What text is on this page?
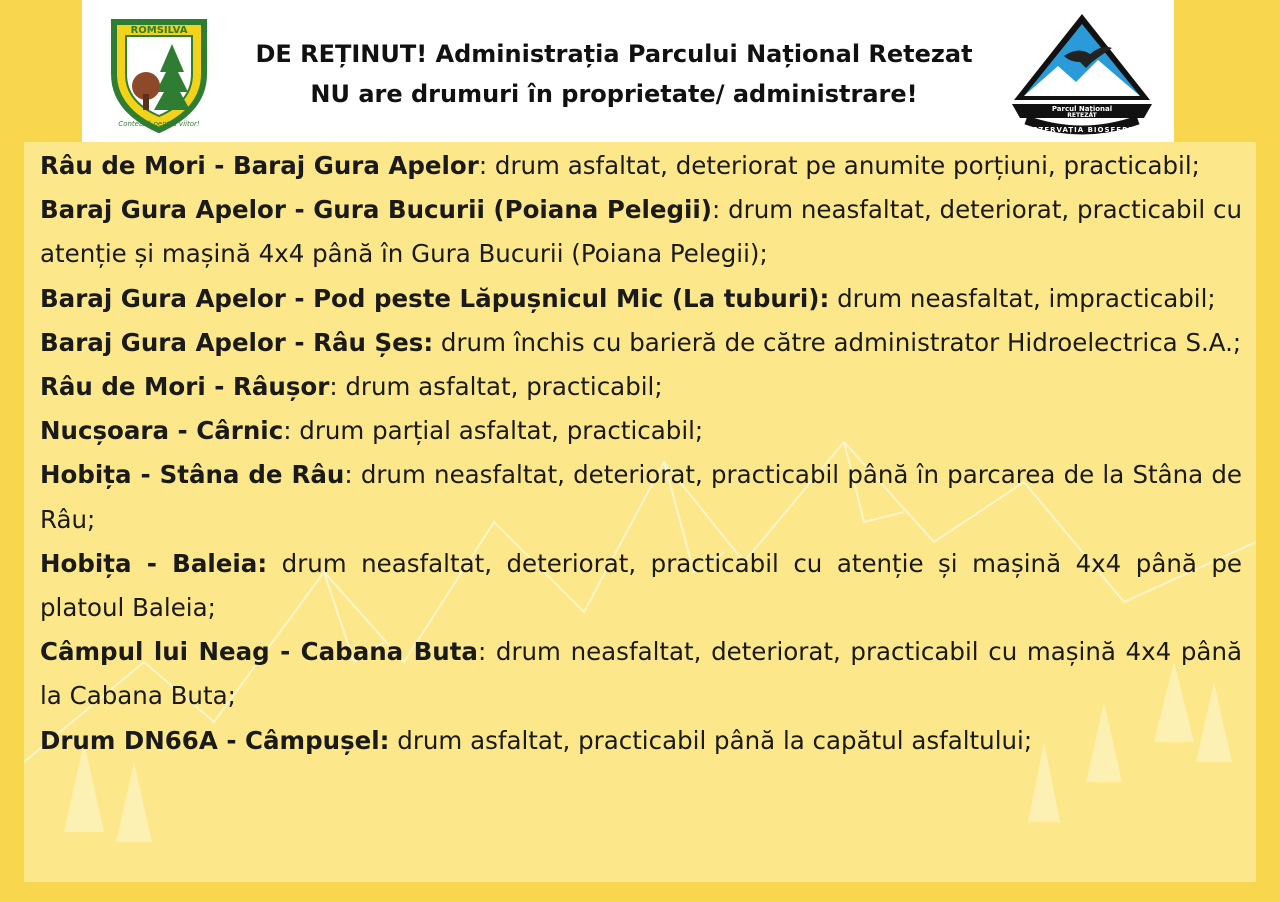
ROMSILVA
Contează pentru viitor!
DE REȚINUT! Administrația Parcului Național Retezat
NU are drumuri în proprietate/ administrare!
Parcul Național
RETEZAT
REZERVAȚIA BIOSFEREI

Râu de Mori - Baraj Gura Apelor: drum asfaltat, deteriorat pe anumite porțiuni, practicabil;

Baraj Gura Apelor - Gura Bucurii (Poiana Pelegii): drum neasfaltat, deteriorat, practicabil cu atenție și mașină 4x4 până în Gura Bucurii (Poiana Pelegii);

Baraj Gura Apelor - Pod peste Lăpușnicul Mic (La tuburi): drum neasfaltat, impracticabil;

Baraj Gura Apelor - Râu Șes: drum închis cu barieră de către administrator Hidroelectrica S.A.;

Râu de Mori - Râușor: drum asfaltat, practicabil;

Nucșoara - Cârnic: drum parțial asfaltat, practicabil;

Hobița - Stâna de Râu: drum neasfaltat, deteriorat, practicabil până în parcarea de la Stâna de Râu;

Hobița - Baleia: drum neasfaltat, deteriorat, practicabil cu atenție și mașină 4x4 până pe platoul Baleia;

Câmpul lui Neag - Cabana Buta: drum neasfaltat, deteriorat, practicabil cu mașină 4x4 până la Cabana Buta;

Drum DN66A - Câmpușel: drum asfaltat, practicabil până la capătul asfaltului;
